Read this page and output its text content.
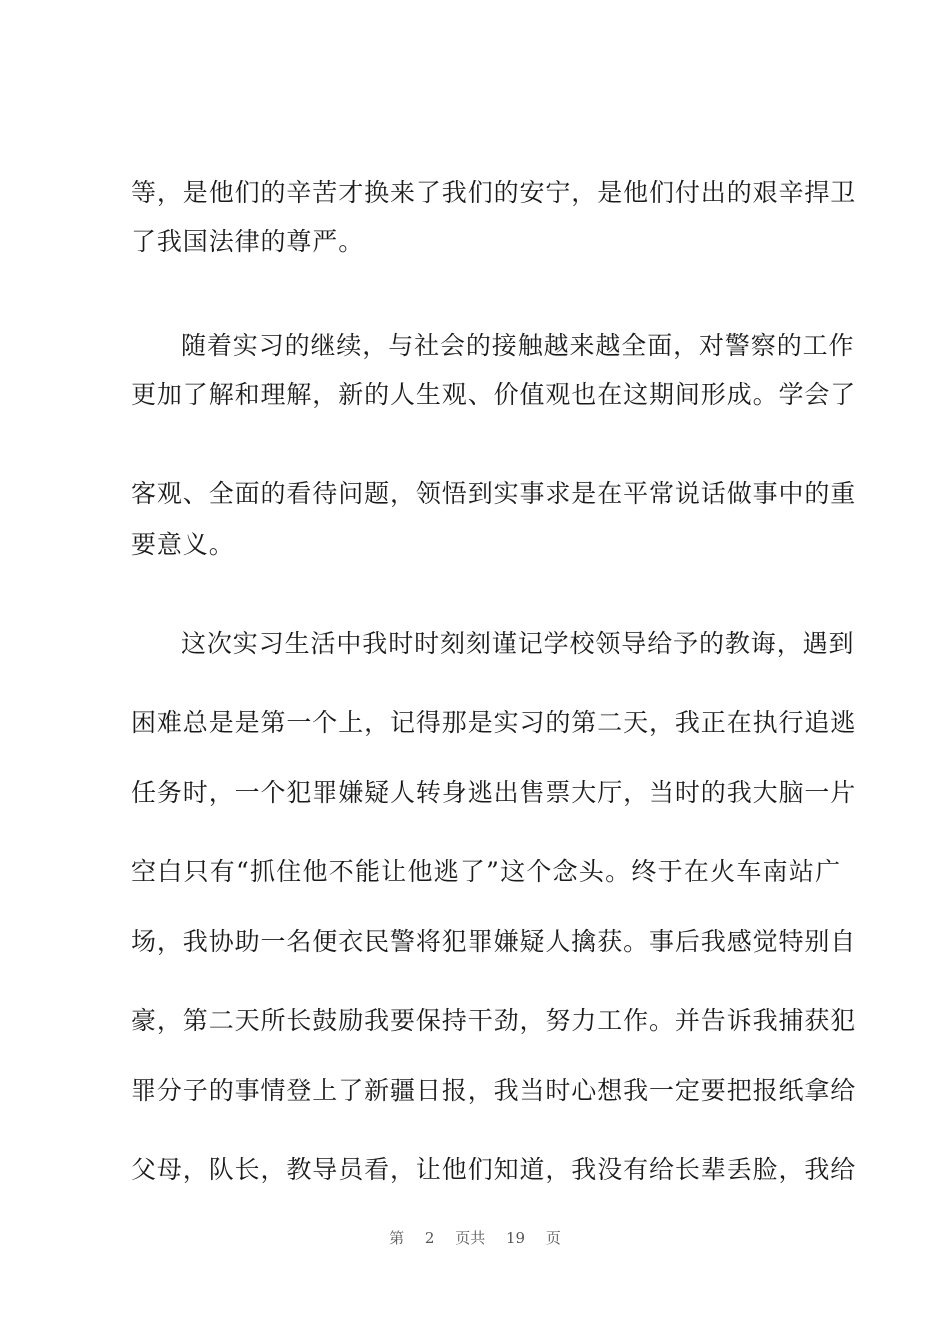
等，是他们的辛苦才换来了我们的安宁，是他们付出的艰辛捍卫
了我国法律的尊严。
随着实习的继续，与社会的接触越来越全面，对警察的工作
更加了解和理解，新的人生观、价值观也在这期间形成。学会了
客观、全面的看待问题，领悟到实事求是在平常说话做事中的重
要意义。
这次实习生活中我时时刻刻谨记学校领导给予的教诲，遇到
困难总是是第一个上，记得那是实习的第二天，我正在执行追逃
任务时，一个犯罪嫌疑人转身逃出售票大厅，当时的我大脑一片
空白只有“抓住他不能让他逃了”这个念头。终于在火车南站广
场，我协助一名便衣民警将犯罪嫌疑人擒获。事后我感觉特别自
豪，第二天所长鼓励我要保持干劲，努力工作。并告诉我捕获犯
罪分子的事情登上了新疆日报，我当时心想我一定要把报纸拿给
父母，队长，教导员看，让他们知道，我没有给长辈丢脸，我给
第 2 页共 19 页
